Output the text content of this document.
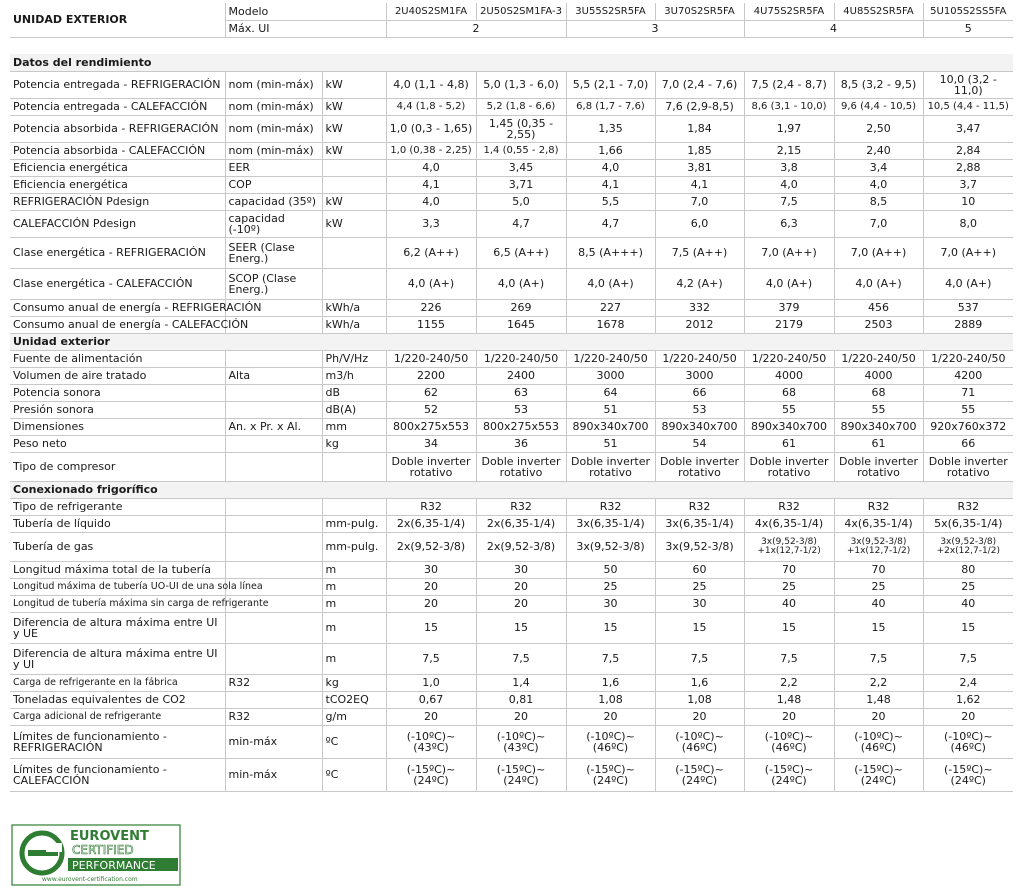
UNIDAD EXTERIOR	Modelo		2U40S2SM1FA	2U50S2SM1FA-3	3U55S2SR5FA	3U70S2SR5FA	4U75S2SR5FA	4U85S2SR5FA	5U105S2SS5FA
	Máx. UI		2		3		4		5

Datos del rendimiento									
Potencia entregada - REFRIGERACIÓN	nom (min-máx)	kW	4,0 (1,1 - 4,8)	5,0 (1,3 - 6,0)	5,5 (2,1 - 7,0)	7,0 (2,4 - 7,6)	7,5 (2,4 - 8,7)	8,5 (3,2 - 9,5)	10,0 (3,2 - 11,0)
Potencia entregada - CALEFACCIÓN	nom (min-máx)	kW	4,4 (1,8 - 5,2)	5,2 (1,8 - 6,6)	6,8 (1,7 - 7,6)	7,6 (2,9-8,5)	8,6 (3,1 - 10,0)	9,6 (4,4 - 10,5)	10,5 (4,4 - 11,5)
Potencia absorbida - REFRIGERACIÓN	nom (min-máx)	kW	1,0 (0,3 - 1,65)	1,45 (0,35 - 2,55)	1,35	1,84	1,97	2,50	3,47
Potencia absorbida - CALEFACCIÓN	nom (min-máx)	kW	1,0 (0,38 - 2,25)	1,4 (0,55 - 2,8)	1,66	1,85	2,15	2,40	2,84
Eficiencia energética	EER		4,0	3,45	4,0	3,81	3,8	3,4	2,88
Eficiencia energética	COP		4,1	3,71	4,1	4,1	4,0	4,0	3,7
REFRIGERACIÓN Pdesign	capacidad (35º)	kW	4,0	5,0	5,5	7,0	7,5	8,5	10
CALEFACCIÓN Pdesign	capacidad (-10º)	kW	3,3	4,7	4,7	6,0	6,3	7,0	8,0
Clase energética - REFRIGERACIÓN	SEER (Clase Energ.)		6,2 (A++)	6,5 (A++)	8,5 (A+++)	7,5 (A++)	7,0 (A++)	7,0 (A++)	7,0 (A++)
Clase energética - CALEFACCIÓN	SCOP (Clase Energ.)		4,0 (A+)	4,0 (A+)	4,0 (A+)	4,2 (A+)	4,0 (A+)	4,0 (A+)	4,0 (A+)
Consumo anual de energía - REFRIGERACIÓN		kWh/a	226	269	227	332	379	456	537
Consumo anual de energía - CALEFACCIÓN		kWh/a	1155	1645	1678	2012	2179	2503	2889
Unidad exterior									
Fuente de alimentación		Ph/V/Hz	1/220-240/50	1/220-240/50	1/220-240/50	1/220-240/50	1/220-240/50	1/220-240/50	1/220-240/50
Volumen de aire tratado	Alta	m3/h	2200	2400	3000	3000	4000	4000	4200
Potencia sonora		dB	62	63	64	66	68	68	71
Presión sonora		dB(A)	52	53	51	53	55	55	55
Dimensiones	An. x Pr. x Al.	mm	800x275x553	800x275x553	890x340x700	890x340x700	890x340x700	890x340x700	920x760x372
Peso neto		kg	34	36	51	54	61	61	66
Tipo de compresor			Doble inverter rotativo	Doble inverter rotativo	Doble inverter rotativo	Doble inverter rotativo	Doble inverter rotativo	Doble inverter rotativo	Doble inverter rotativo
Conexionado frigorífico									
Tipo de refrigerante			R32	R32	R32	R32	R32	R32	R32
Tubería de líquido		mm-pulg.	2x(6,35-1/4)	2x(6,35-1/4)	3x(6,35-1/4)	3x(6,35-1/4)	4x(6,35-1/4)	4x(6,35-1/4)	5x(6,35-1/4)
Tubería de gas		mm-pulg.	2x(9,52-3/8)	2x(9,52-3/8)	3x(9,52-3/8)	3x(9,52-3/8)	3x(9,52-3/8) +1x(12,7-1/2)	3x(9,52-3/8) +1x(12,7-1/2)	3x(9,52-3/8) +2x(12,7-1/2)
Longitud máxima total de la tubería		m	30	30	50	60	70	70	80
Longitud máxima de tubería UO-UI de una sola línea		m	20	20	25	25	25	25	25
Longitud de tubería máxima sin carga de refrigerante		m	20	20	30	30	40	40	40
Diferencia de altura máxima entre UI y UE		m	15	15	15	15	15	15	15
Diferencia de altura máxima entre UI y UI		m	7,5	7,5	7,5	7,5	7,5	7,5	7,5
Carga de refrigerante en la fábrica	R32	kg	1,0	1,4	1,6	1,6	2,2	2,2	2,4
Toneladas equivalentes de CO2		tCO2EQ	0,67	0,81	1,08	1,08	1,48	1,48	1,62
Carga adicional de refrigerante	R32	g/m	20	20	20	20	20	20	20
Límites de funcionamiento - REFRIGERACIÓN	min-máx	ºC	(-10ºC)~(43ºC)	(-10ºC)~(43ºC)	(-10ºC)~(46ºC)	(-10ºC)~(46ºC)	(-10ºC)~(46ºC)	(-10ºC)~(46ºC)	(-10ºC)~(46ºC)
Límites de funcionamiento - CALEFACCIÓN	min-máx	ºC	(-15ºC)~(24ºC)	(-15ºC)~(24ºC)	(-15ºC)~(24ºC)	(-15ºC)~(24ºC)	(-15ºC)~(24ºC)	(-15ºC)~(24ºC)	(-15ºC)~(24ºC)
EUROVENT
CERTIFIED
PERFORMANCE
www.eurovent-certification.com
